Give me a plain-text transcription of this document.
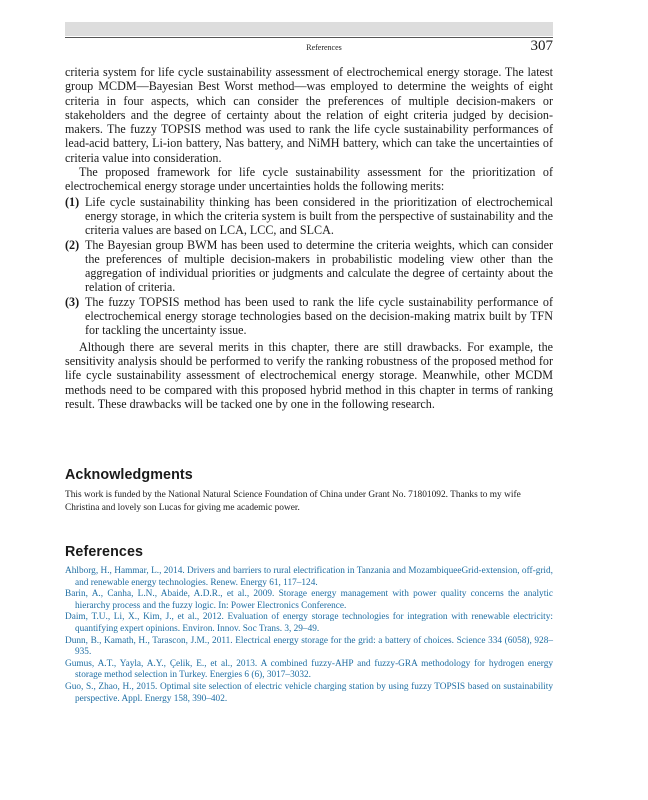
References	307

criteria system for life cycle sustainability assessment of electrochemical energy storage. The latest group MCDM—Bayesian Best Worst method—was employed to determine the weights of eight criteria in four aspects, which can consider the preferences of multiple decision-makers or stakeholders and the degree of certainty about the relation of eight criteria judged by decision-makers. The fuzzy TOPSIS method was used to rank the life cycle sustainability performances of lead-acid battery, Li-ion battery, Nas battery, and NiMH battery, which can take the uncertainties of criteria value into consideration.

The proposed framework for life cycle sustainability assessment for the prioritization of electrochemical energy storage under uncertainties holds the following merits:

(1) Life cycle sustainability thinking has been considered in the prioritization of electrochemical energy storage, in which the criteria system is built from the perspective of sustainability and the criteria values are based on LCA, LCC, and SLCA.
(2) The Bayesian group BWM has been used to determine the criteria weights, which can consider the preferences of multiple decision-makers in probabilistic modeling view other than the aggregation of individual priorities or judgments and calculate the degree of certainty about the relation of criteria.
(3) The fuzzy TOPSIS method has been used to rank the life cycle sustainability performance of electrochemical energy storage technologies based on the decision-making matrix built by TFN for tackling the uncertainty issue.

Although there are several merits in this chapter, there are still drawbacks. For example, the sensitivity analysis should be performed to verify the ranking robustness of the proposed method for life cycle sustainability assessment of electrochemical energy storage. Meanwhile, other MCDM methods need to be compared with this proposed hybrid method in this chapter in terms of ranking result. These drawbacks will be tacked one by one in the following research.

Acknowledgments

This work is funded by the National Natural Science Foundation of China under Grant No. 71801092. Thanks to my wife Christina and lovely son Lucas for giving me academic power.

References
Ahlborg, H., Hammar, L., 2014. Drivers and barriers to rural electrification in Tanzania and MozambiqueeGrid-extension, off-grid, and renewable energy technologies. Renew. Energy 61, 117–124.
Barin, A., Canha, L.N., Abaide, A.D.R., et al., 2009. Storage energy management with power quality concerns the analytic hierarchy process and the fuzzy logic. In: Power Electronics Conference.
Daim, T.U., Li, X., Kim, J., et al., 2012. Evaluation of energy storage technologies for integration with renewable electricity: quantifying expert opinions. Environ. Innov. Soc Trans. 3, 29–49.
Dunn, B., Kamath, H., Tarascon, J.M., 2011. Electrical energy storage for the grid: a battery of choices. Science 334 (6058), 928–935.
Gumus, A.T., Yayla, A.Y., Çelik, E., et al., 2013. A combined fuzzy-AHP and fuzzy-GRA methodology for hydrogen energy storage method selection in Turkey. Energies 6 (6), 3017–3032.
Guo, S., Zhao, H., 2015. Optimal site selection of electric vehicle charging station by using fuzzy TOPSIS based on sustainability perspective. Appl. Energy 158, 390–402.
